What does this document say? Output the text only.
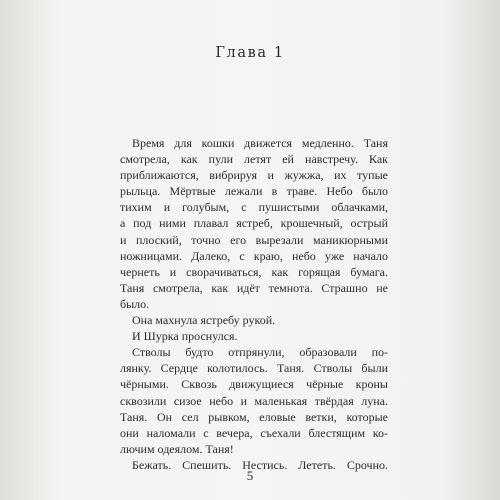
Глава 1
Время для кошки движется медленно. Таня
смотрела, как пули летят ей навстречу. Как
приближаются, вибрируя и жужжа, их тупые
рыльца. Мёртвые лежали в траве. Небо было
тихим и голубым, с пушистыми облачками,
а под ними плавал ястреб, крошечный, острый
и плоский, точно его вырезали маникюрными
ножницами. Далеко, с краю, небо уже начало
чернеть и сворачиваться, как горящая бумага.
Таня смотрела, как идёт темнота. Страшно не
было.
Она махнула ястребу рукой.
И Шурка проснулся.
Стволы будто отпрянули, образовали по-
лянку. Сердце колотилось. Таня. Стволы были
чёрными. Сквозь движущиеся чёрные кроны
сквозили сизое небо и маленькая твёрдая луна.
Таня. Он сел рывком, еловые ветки, которые
они наломали с вечера, съехали блестящим ко-
лючим одеялом. Таня!
Бежать. Спешить. Нестись. Лететь. Срочно.
5
